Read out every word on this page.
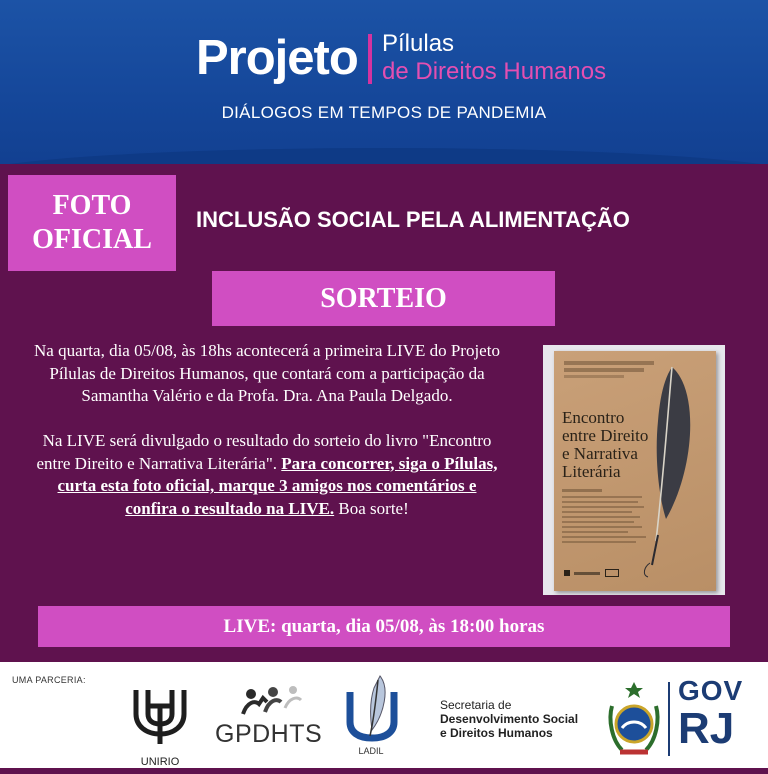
Projeto Pílulas
de Direitos Humanos
DIÁLOGOS EM TEMPOS DE PANDEMIA
FOTO
OFICIAL
INCLUSÃO SOCIAL PELA ALIMENTAÇÃO
SORTEIO

Na quarta, dia 05/08, às 18hs acontecerá a primeira LIVE do Projeto Pílulas de Direitos Humanos, que contará com a participação da Samantha Valério e da Profa. Dra. Ana Paula Delgado.

Na LIVE será divulgado o resultado do sorteio do livro "Encontro entre Direito e Narrativa Literária". Para concorrer, siga o Pílulas, curta esta foto oficial, marque 3 amigos nos comentários e confira o resultado na LIVE. Boa sorte!

Encontro
entre Direito
e Narrativa
Literária

LIVE: quarta, dia 05/08, às 18:00 horas
UMA PARCERIA:
UNIRIO
GPDHTS
LADIL
Secretaria de
Desenvolvimento Social
e Direitos Humanos
GOV
RJ
